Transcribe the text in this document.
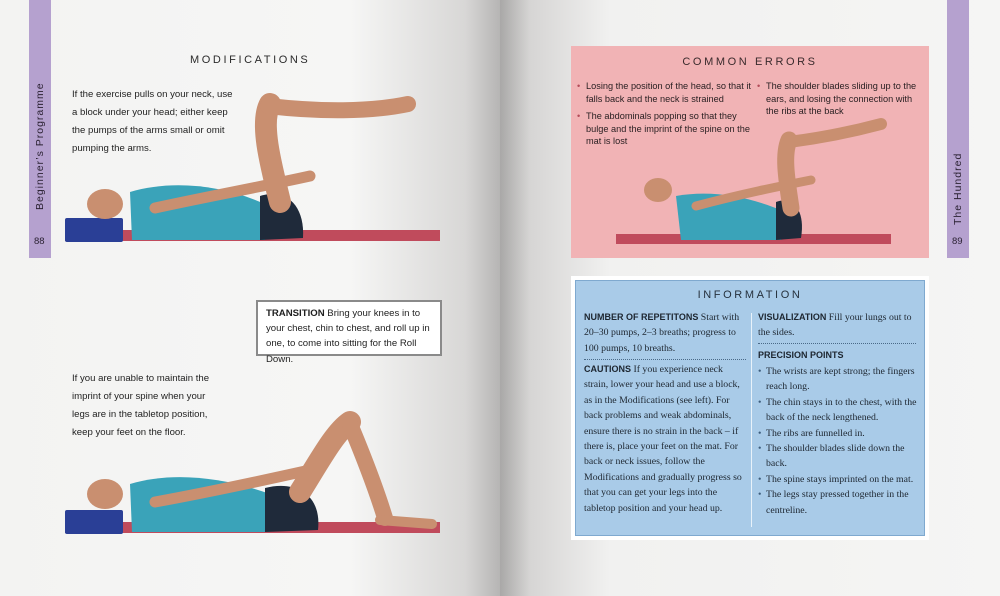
Beginner’s Programme
88
MODIFICATIONS
If the exercise pulls on your neck, use a block under your head; either keep the pumps of the arms small or omit pumping the arms.
TRANSITION Bring your knees in to your chest, chin to chest, and roll up in one, to come into sitting for the Roll Down.
If you are unable to maintain the imprint of your spine when your legs are in the tabletop position, keep your feet on the floor.
The Hundred
89
COMMON ERRORS
• Losing the position of the head, so that it falls back and the neck is strained
• The abdominals popping so that they bulge and the imprint of the spine on the mat is lost
• The shoulder blades sliding up to the ears, and losing the connection with the ribs at the back
INFORMATION
NUMBER OF REPETITONS Start with 20–30 pumps, 2–3 breaths; progress to 100 pumps, 10 breaths.
CAUTIONS If you experience neck strain, lower your head and use a block, as in the Modifications (see left). For back problems and weak abdominals, ensure there is no strain in the back – if there is, place your feet on the mat. For back or neck issues, follow the Modifications and gradually progress so that you can get your legs into the tabletop position and your head up.
VISUALIZATION Fill your lungs out to the sides.
PRECISION POINTS
• The wrists are kept strong; the fingers reach long.
• The chin stays in to the chest, with the back of the neck lengthened.
• The ribs are funnelled in.
• The shoulder blades slide down the back.
• The spine stays imprinted on the mat.
• The legs stay pressed together in the centreline.
